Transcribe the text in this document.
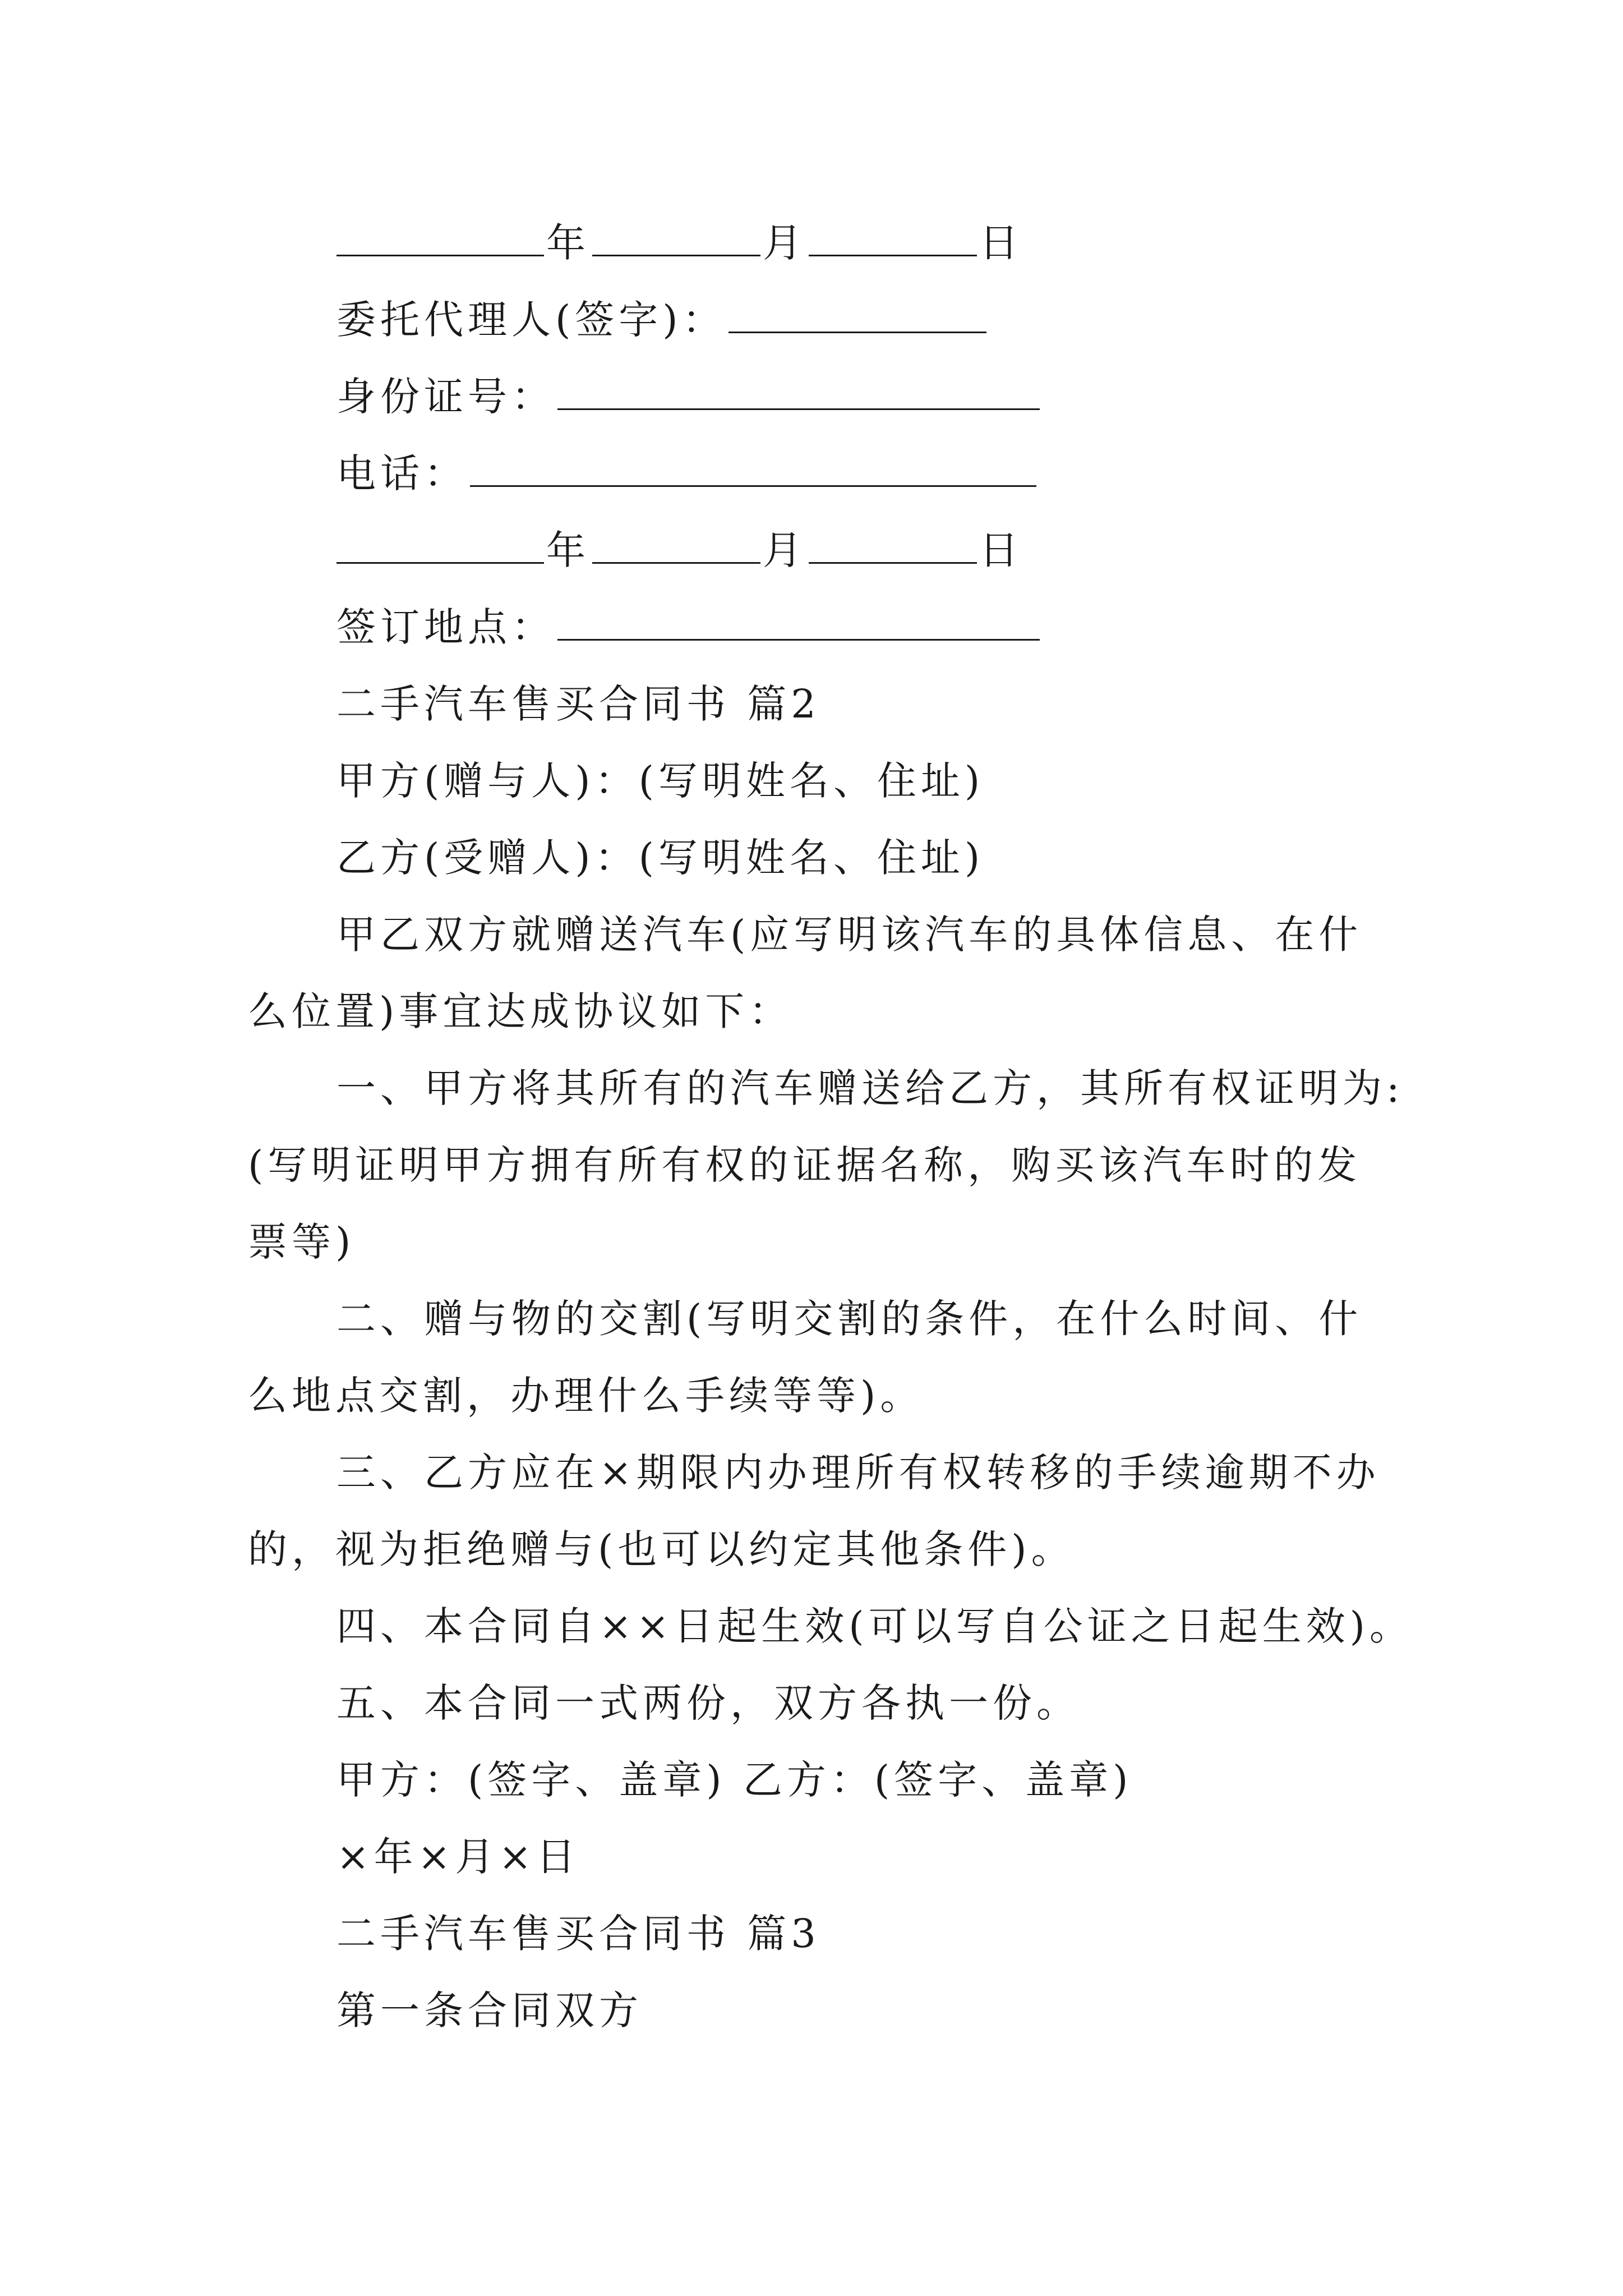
年	月	日
委托代理人(签字)：
身份证号：
电话：
年	月	日
签订地点：
二手汽车售买合同书 篇2
甲方(赠与人)：(写明姓名、住址)
乙方(受赠人)：(写明姓名、住址)
甲乙双方就赠送汽车(应写明该汽车的具体信息、在什
么位置)事宜达成协议如下：
一、甲方将其所有的汽车赠送给乙方，其所有权证明为:
(写明证明甲方拥有所有权的证据名称，购买该汽车时的发
票等)
二、赠与物的交割(写明交割的条件，在什么时间、什
么地点交割，办理什么手续等等)。
三、乙方应在×期限内办理所有权转移的手续逾期不办
的，视为拒绝赠与(也可以约定其他条件)。
四、本合同自××日起生效(可以写自公证之日起生效)。
五、本合同一式两份，双方各执一份。
甲方：(签字、盖章) 乙方：(签字、盖章)
×年×月×日
二手汽车售买合同书 篇3
第一条合同双方
